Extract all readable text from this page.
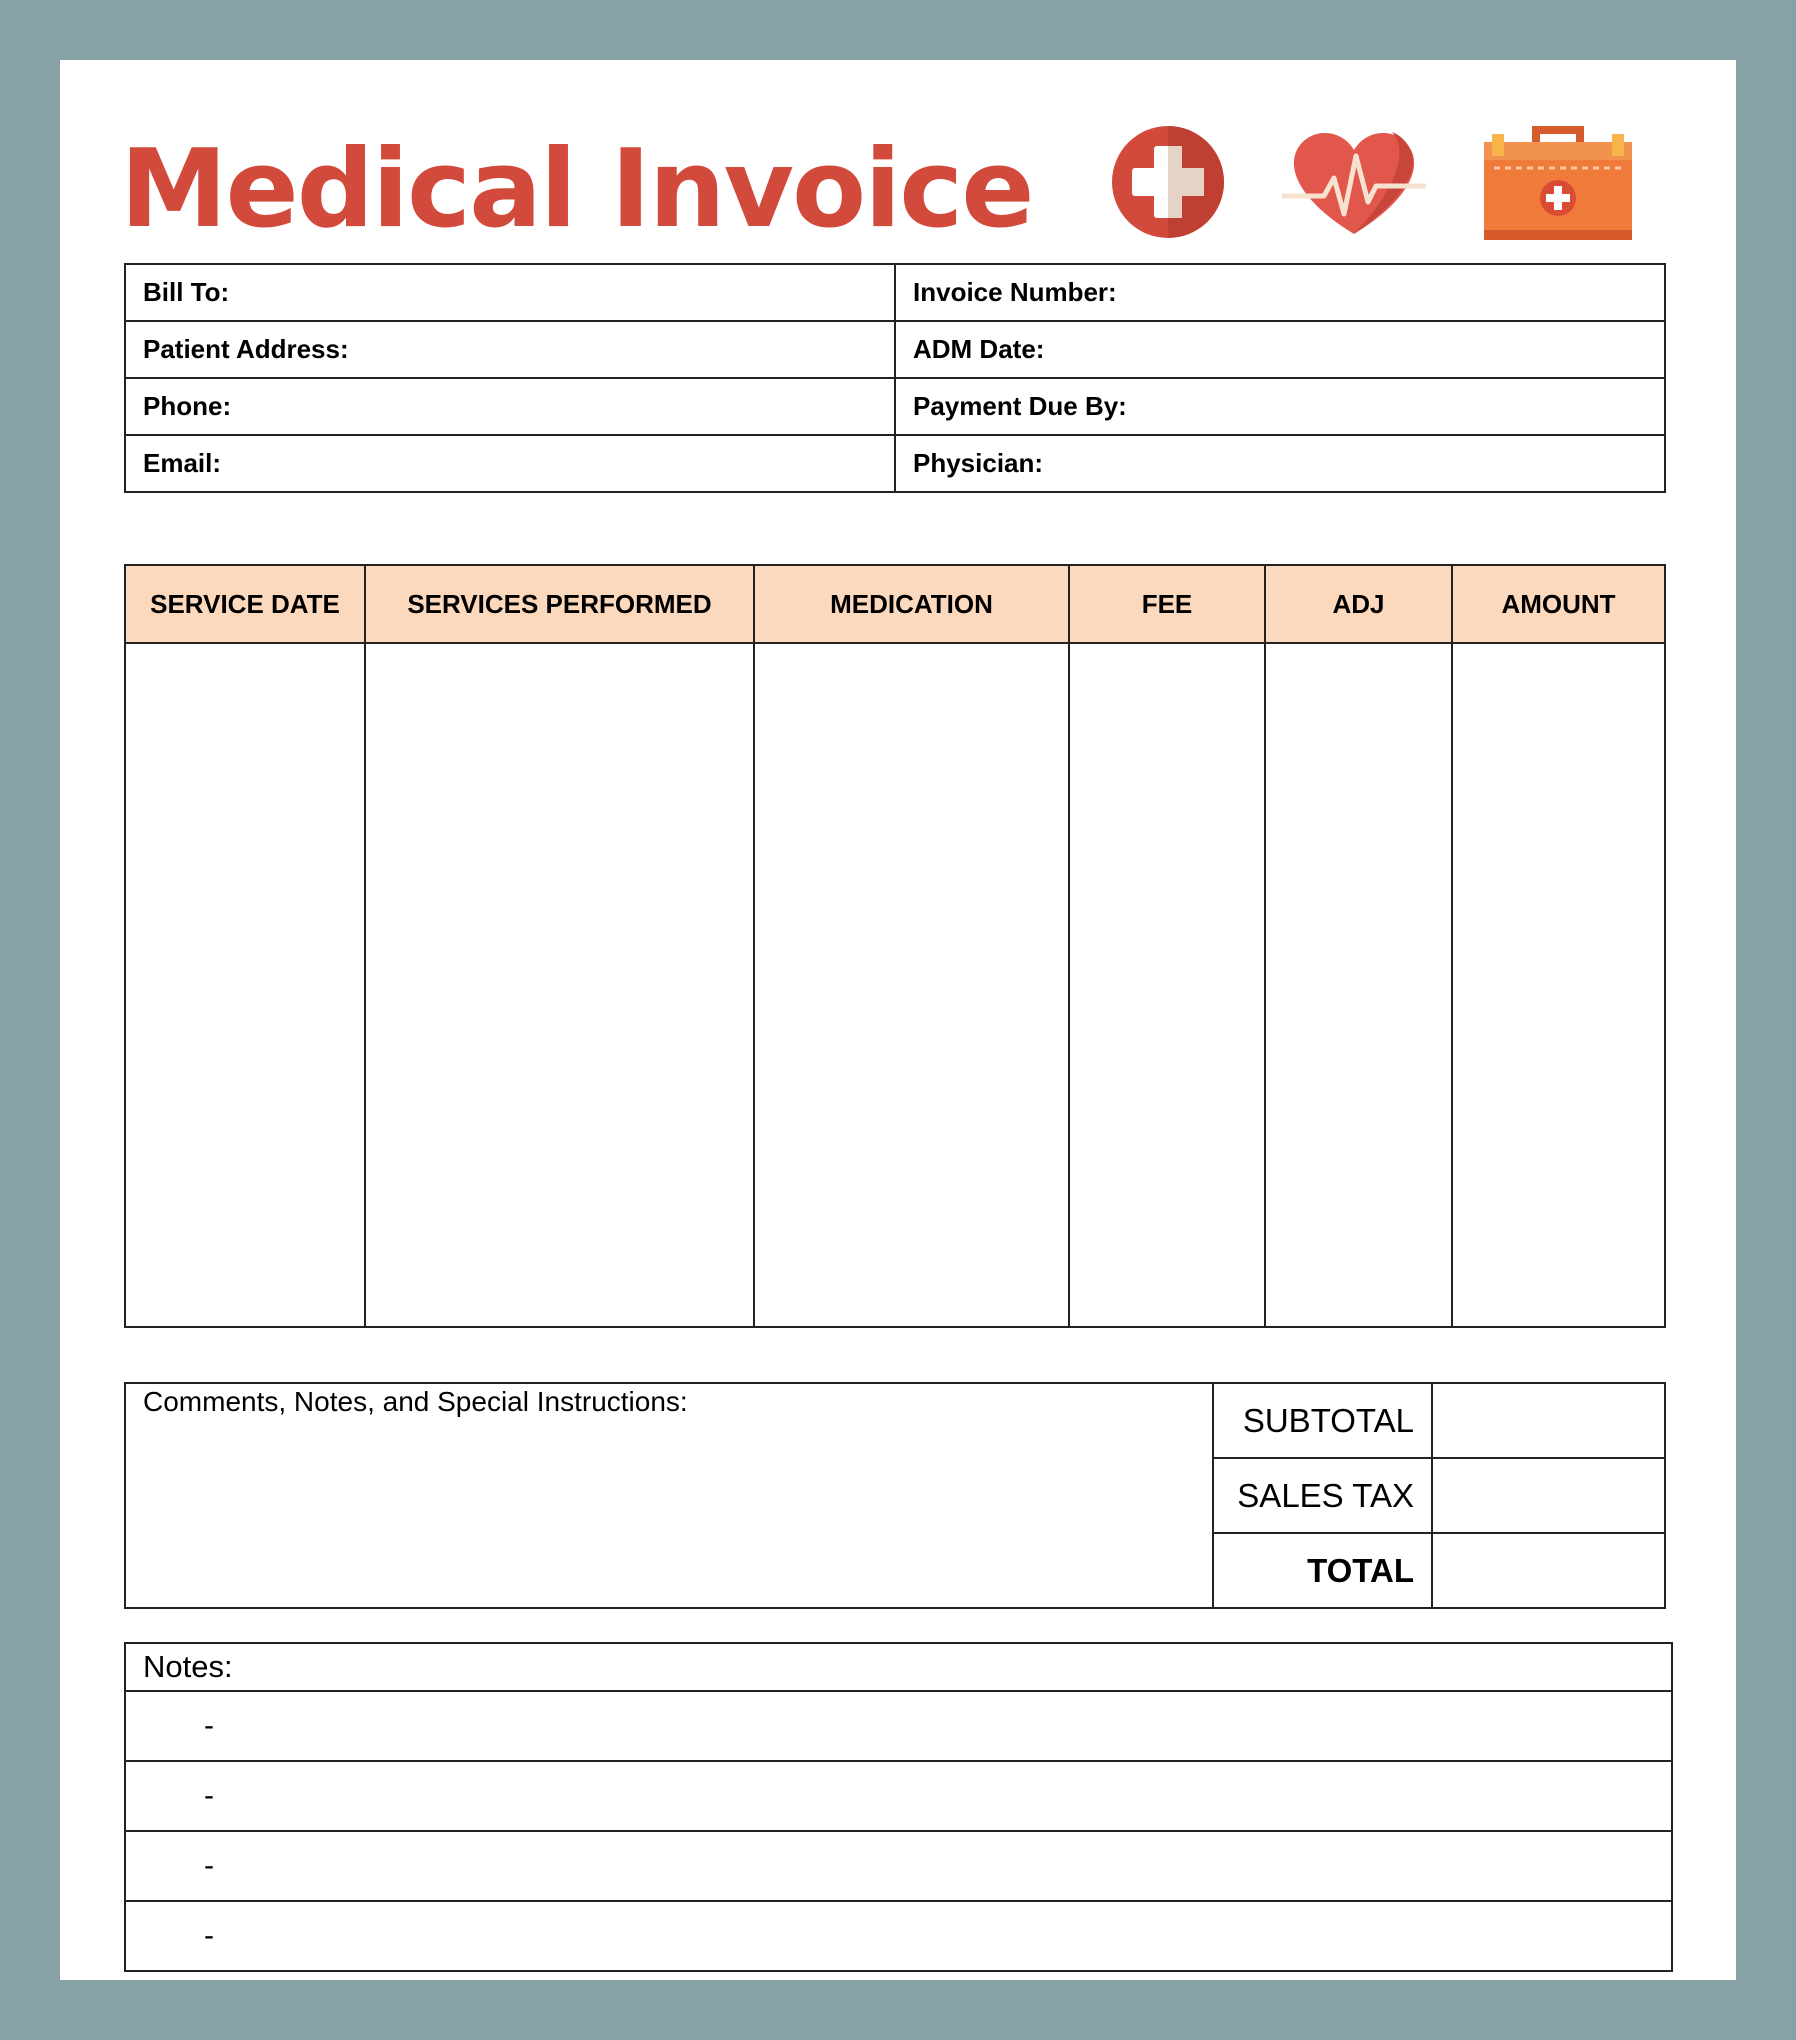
Medical Invoice
Bill To:	Invoice Number:
Patient Address:	ADM Date:
Phone:	Payment Due By:
Email:	Physician:
SERVICE DATE	SERVICES PERFORMED	MEDICATION	FEE	ADJ	AMOUNT

Comments, Notes, and Special Instructions:	SUBTOTAL	
	SALES TAX	
	TOTAL	
Notes:
-
-
-
-
